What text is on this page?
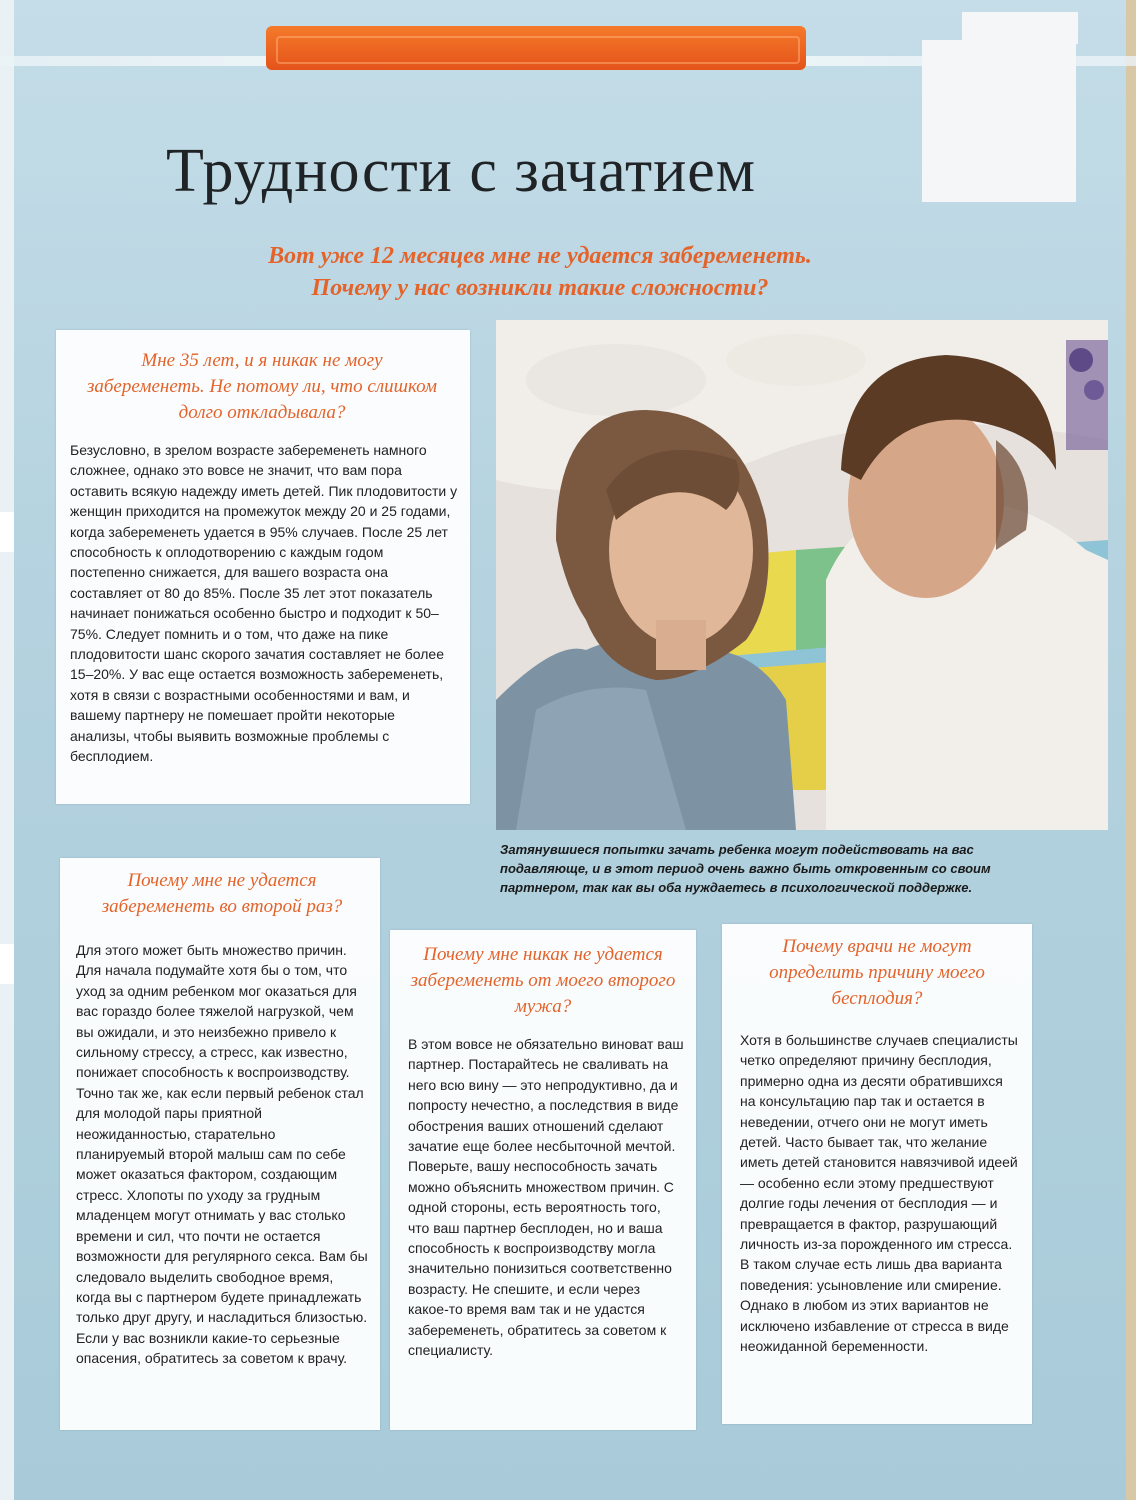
Трудности с зачатием
Вот уже 12 месяцев мне не удается забеременеть.
Почему у нас возникли такие сложности?
Мне 35 лет, и я никак не могу забеременеть. Не потому ли, что слишком долго откладывала?

Безусловно, в зрелом возрасте забеременеть намного сложнее, однако это вовсе не значит, что вам пора оставить всякую надежду иметь детей. Пик плодовитости у женщин приходится на промежуток между 20 и 25 годами, когда забеременеть удается в 95% случаев. После 25 лет способность к оплодотворению с каждым годом постепенно снижается, для вашего возраста она составляет от 80 до 85%. После 35 лет этот показатель начинает понижаться особенно быстро и подходит к 50–75%. Следует помнить и о том, что даже на пике плодовитости шанс скорого зачатия составляет не более 15–20%. У вас еще остается возможность забеременеть, хотя в связи с возрастными особенностями и вам, и вашему партнеру не помешает пройти некоторые анализы, чтобы выявить возможные проблемы с бесплодием.

Затянувшиеся попытки зачать ребенка могут подействовать на вас подавляюще, и в этот период очень важно быть откровенным со своим партнером, так как вы оба нуждаетесь в психологической поддержке.

Почему мне не удается забеременеть во второй раз?

Для этого может быть множество причин. Для начала подумайте хотя бы о том, что уход за одним ребенком мог оказаться для вас гораздо более тяжелой нагрузкой, чем вы ожидали, и это неизбежно привело к сильному стрессу, а стресс, как известно, понижает способность к воспроизводству. Точно так же, как если первый ребенок стал для молодой пары приятной неожиданностью, старательно планируемый второй малыш сам по себе может оказаться фактором, создающим стресс. Хлопоты по уходу за грудным младенцем могут отнимать у вас столько времени и сил, что почти не остается возможности для регулярного секса. Вам бы следовало выделить свободное время, когда вы с партнером будете принадлежать только друг другу, и насладиться близостью. Если у вас возникли какие-то серьезные опасения, обратитесь за советом к врачу.

Почему мне никак не удается забеременеть от моего второго мужа?

В этом вовсе не обязательно виноват ваш партнер. Постарайтесь не сваливать на него всю вину — это непродуктивно, да и попросту нечестно, а последствия в виде обострения ваших отношений сделают зачатие еще более несбыточной мечтой. Поверьте, вашу неспособность зачать можно объяснить множеством причин. С одной стороны, есть вероятность того, что ваш партнер бесплоден, но и ваша способность к воспроизводству могла значительно понизиться соответственно возрасту. Не спешите, и если через какое-то время вам так и не удастся забеременеть, обратитесь за советом к специалисту.

Почему врачи не могут определить причину моего бесплодия?

Хотя в большинстве случаев специалисты четко определяют причину бесплодия, примерно одна из десяти обратившихся на консультацию пар так и остается в неведении, отчего они не могут иметь детей. Часто бывает так, что желание иметь детей становится навязчивой идеей — особенно если этому предшествуют долгие годы лечения от бесплодия — и превращается в фактор, разрушающий личность из-за порожденного им стресса. В таком случае есть лишь два варианта поведения: усыновление или смирение. Однако в любом из этих вариантов не исключено избавление от стресса в виде неожиданной беременности.
